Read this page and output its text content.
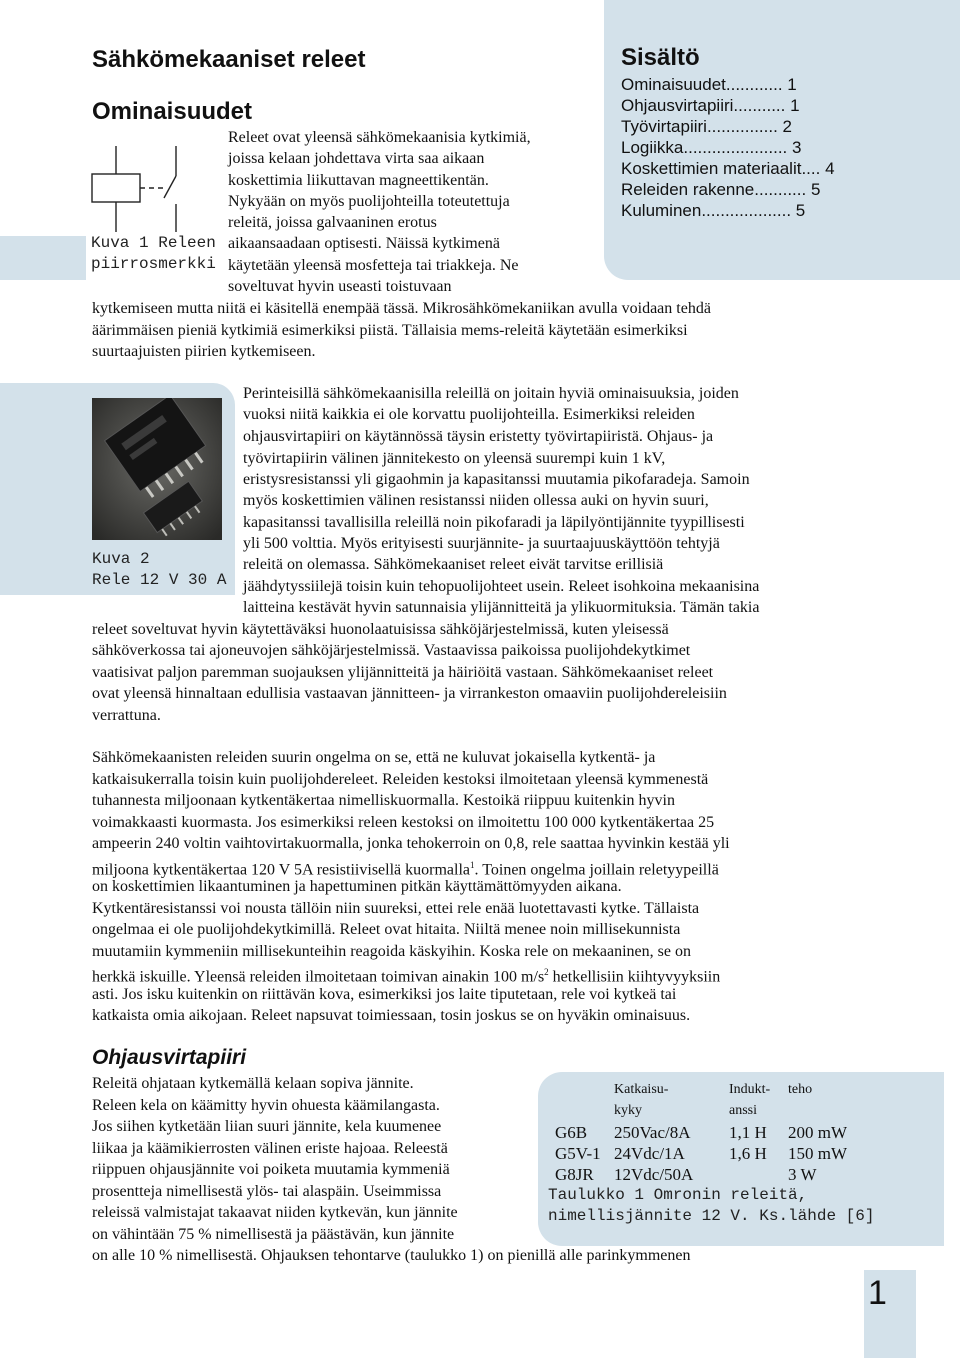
Sähkömekaaniset releet
Ominaisuudet
Sisältö
Ominaisuudet............ 1
Ohjausvirtapiiri........... 1
Työvirtapiiri............... 2
Logiikka...................... 3
Koskettimien materiaalit.... 4
Releiden rakenne........... 5
Kuluminen................... 5
Kuva 1 Releen
piirrosmerkki
Releet ovat yleensä sähkömekaanisia kytkimiä,
joissa kelaan johdettava virta saa aikaan
koskettimia liikuttavan magneettikentän.
Nykyään on myös puolijohteilla toteutettuja
releitä, joissa galvaaninen erotus
aikaansaadaan optisesti. Näissä kytkimenä
käytetään yleensä mosfetteja tai triakkeja. Ne
soveltuvat hyvin useasti toistuvaan
kytkemiseen mutta niitä ei käsitellä enempää tässä. Mikrosähkömekaniikan avulla voidaan tehdä
äärimmäisen pieniä kytkimiä esimerkiksi piistä. Tällaisia mems-releitä käytetään esimerkiksi
suurtaajuisten piirien kytkemiseen.
Kuva 2
Rele 12 V 30 A
Perinteisillä sähkömekaanisilla releillä on joitain hyviä ominaisuuksia, joiden
vuoksi niitä kaikkia ei ole korvattu puolijohteilla. Esimerkiksi releiden
ohjausvirtapiiri on käytännössä täysin eristetty työvirtapiiristä. Ohjaus- ja
työvirtapiirin välinen jännitekesto on yleensä suurempi kuin 1 kV,
eristysresistanssi yli gigaohmin ja kapasitanssi muutamia pikofaradeja. Samoin
myös koskettimien välinen resistanssi niiden ollessa auki on hyvin suuri,
kapasitanssi tavallisilla releillä noin pikofaradi ja läpilyöntijännite tyypillisesti
yli 500 volttia. Myös erityisesti suurjännite- ja suurtaajuuskäyttöön tehtyjä
releitä on olemassa. Sähkömekaaniset releet eivät tarvitse erillisiä
jäähdytyssiilejä toisin kuin tehopuolijohteet usein. Releet isohkoina mekaanisina
laitteina kestävät hyvin satunnaisia ylijännitteitä ja ylikuormituksia. Tämän takia
releet soveltuvat hyvin käytettäväksi huonolaatuisissa sähköjärjestelmissä, kuten yleisessä
sähköverkossa tai ajoneuvojen sähköjärjestelmissä. Vastaavissa paikoissa puolijohdekytkimet
vaatisivat paljon paremman suojauksen ylijännitteitä ja häiriöitä vastaan. Sähkömekaaniset releet
ovat yleensä hinnaltaan edullisia vastaavan jännitteen- ja virrankeston omaaviin puolijohdereleisiin
verrattuna.
Sähkömekaanisten releiden suurin ongelma on se, että ne kuluvat jokaisella kytkentä- ja
katkaisukerralla toisin kuin puolijohdereleet. Releiden kestoksi ilmoitetaan yleensä kymmenestä
tuhannesta miljoonaan kytkentäkertaa nimelliskuormalla. Kestoikä riippuu kuitenkin hyvin
voimakkaasti kuormasta. Jos esimerkiksi releen kestoksi on ilmoitettu 100 000 kytkentäkertaa 25
ampeerin 240 voltin vaihtovirtakuormalla, jonka tehokerroin on 0,8, rele saattaa hyvinkin kestää yli
miljoona kytkentäkertaa 120 V 5A resistiivisellä kuormalla$^1$. Toinen ongelma joillain reletyypeillä
on koskettimien likaantuminen ja hapettuminen pitkän käyttämättömyyden aikana.
Kytkentäresistanssi voi nousta tällöin niin suureksi, ettei rele enää luotettavasti kytke. Tällaista
ongelmaa ei ole puolijohdekytkimillä. Releet ovat hitaita. Niiltä menee noin millisekunnista
muutamiin kymmeniin millisekunteihin reagoida käskyihin. Koska rele on mekaaninen, se on
herkkä iskuille. Yleensä releiden ilmoitetaan toimivan ainakin 100 $m/s^2$ hetkellisiin kiihtyvyyksiin
asti. Jos isku kuitenkin on riittävän kova, esimerkiksi jos laite tiputetaan, rele voi kytkeä tai
katkaista omia aikojaan. Releet napsuvat toimiessaan, tosin joskus se on hyväkin ominaisuus.
Ohjausvirtapiiri
Releitä ohjataan kytkemällä kelaan sopiva jännite.
Releen kela on käämitty hyvin ohuesta käämilangasta.
Jos siihen kytketään liian suuri jännite, kela kuumenee
liikaa ja käämikierrosten välinen eriste hajoaa. Releestä
riippuen ohjausjännite voi poiketa muutamia kymmeniä
prosentteja nimellisestä ylös- tai alaspäin. Useimmissa
releissä valmistajat takaavat niiden kytkevän, kun jännite
on vähintään 75 % nimellisestä ja päästävän, kun jännite
on alle 10 % nimellisestä. Ohjauksen tehontarve (taulukko 1) on pienillä alle parinkymmenen
Katkaisu-
kyky
Indukt-
anssi
teho
G6B 250Vac/8A 1,1 H 200 mW
G5V-1 24Vdc/1A	1,6 H 150 mW
G8JR 12Vdc/50A	3 W
Taulukko 1 Omronin releitä,
nimellisjännite 12 V. Ks.lähde [6]
1
